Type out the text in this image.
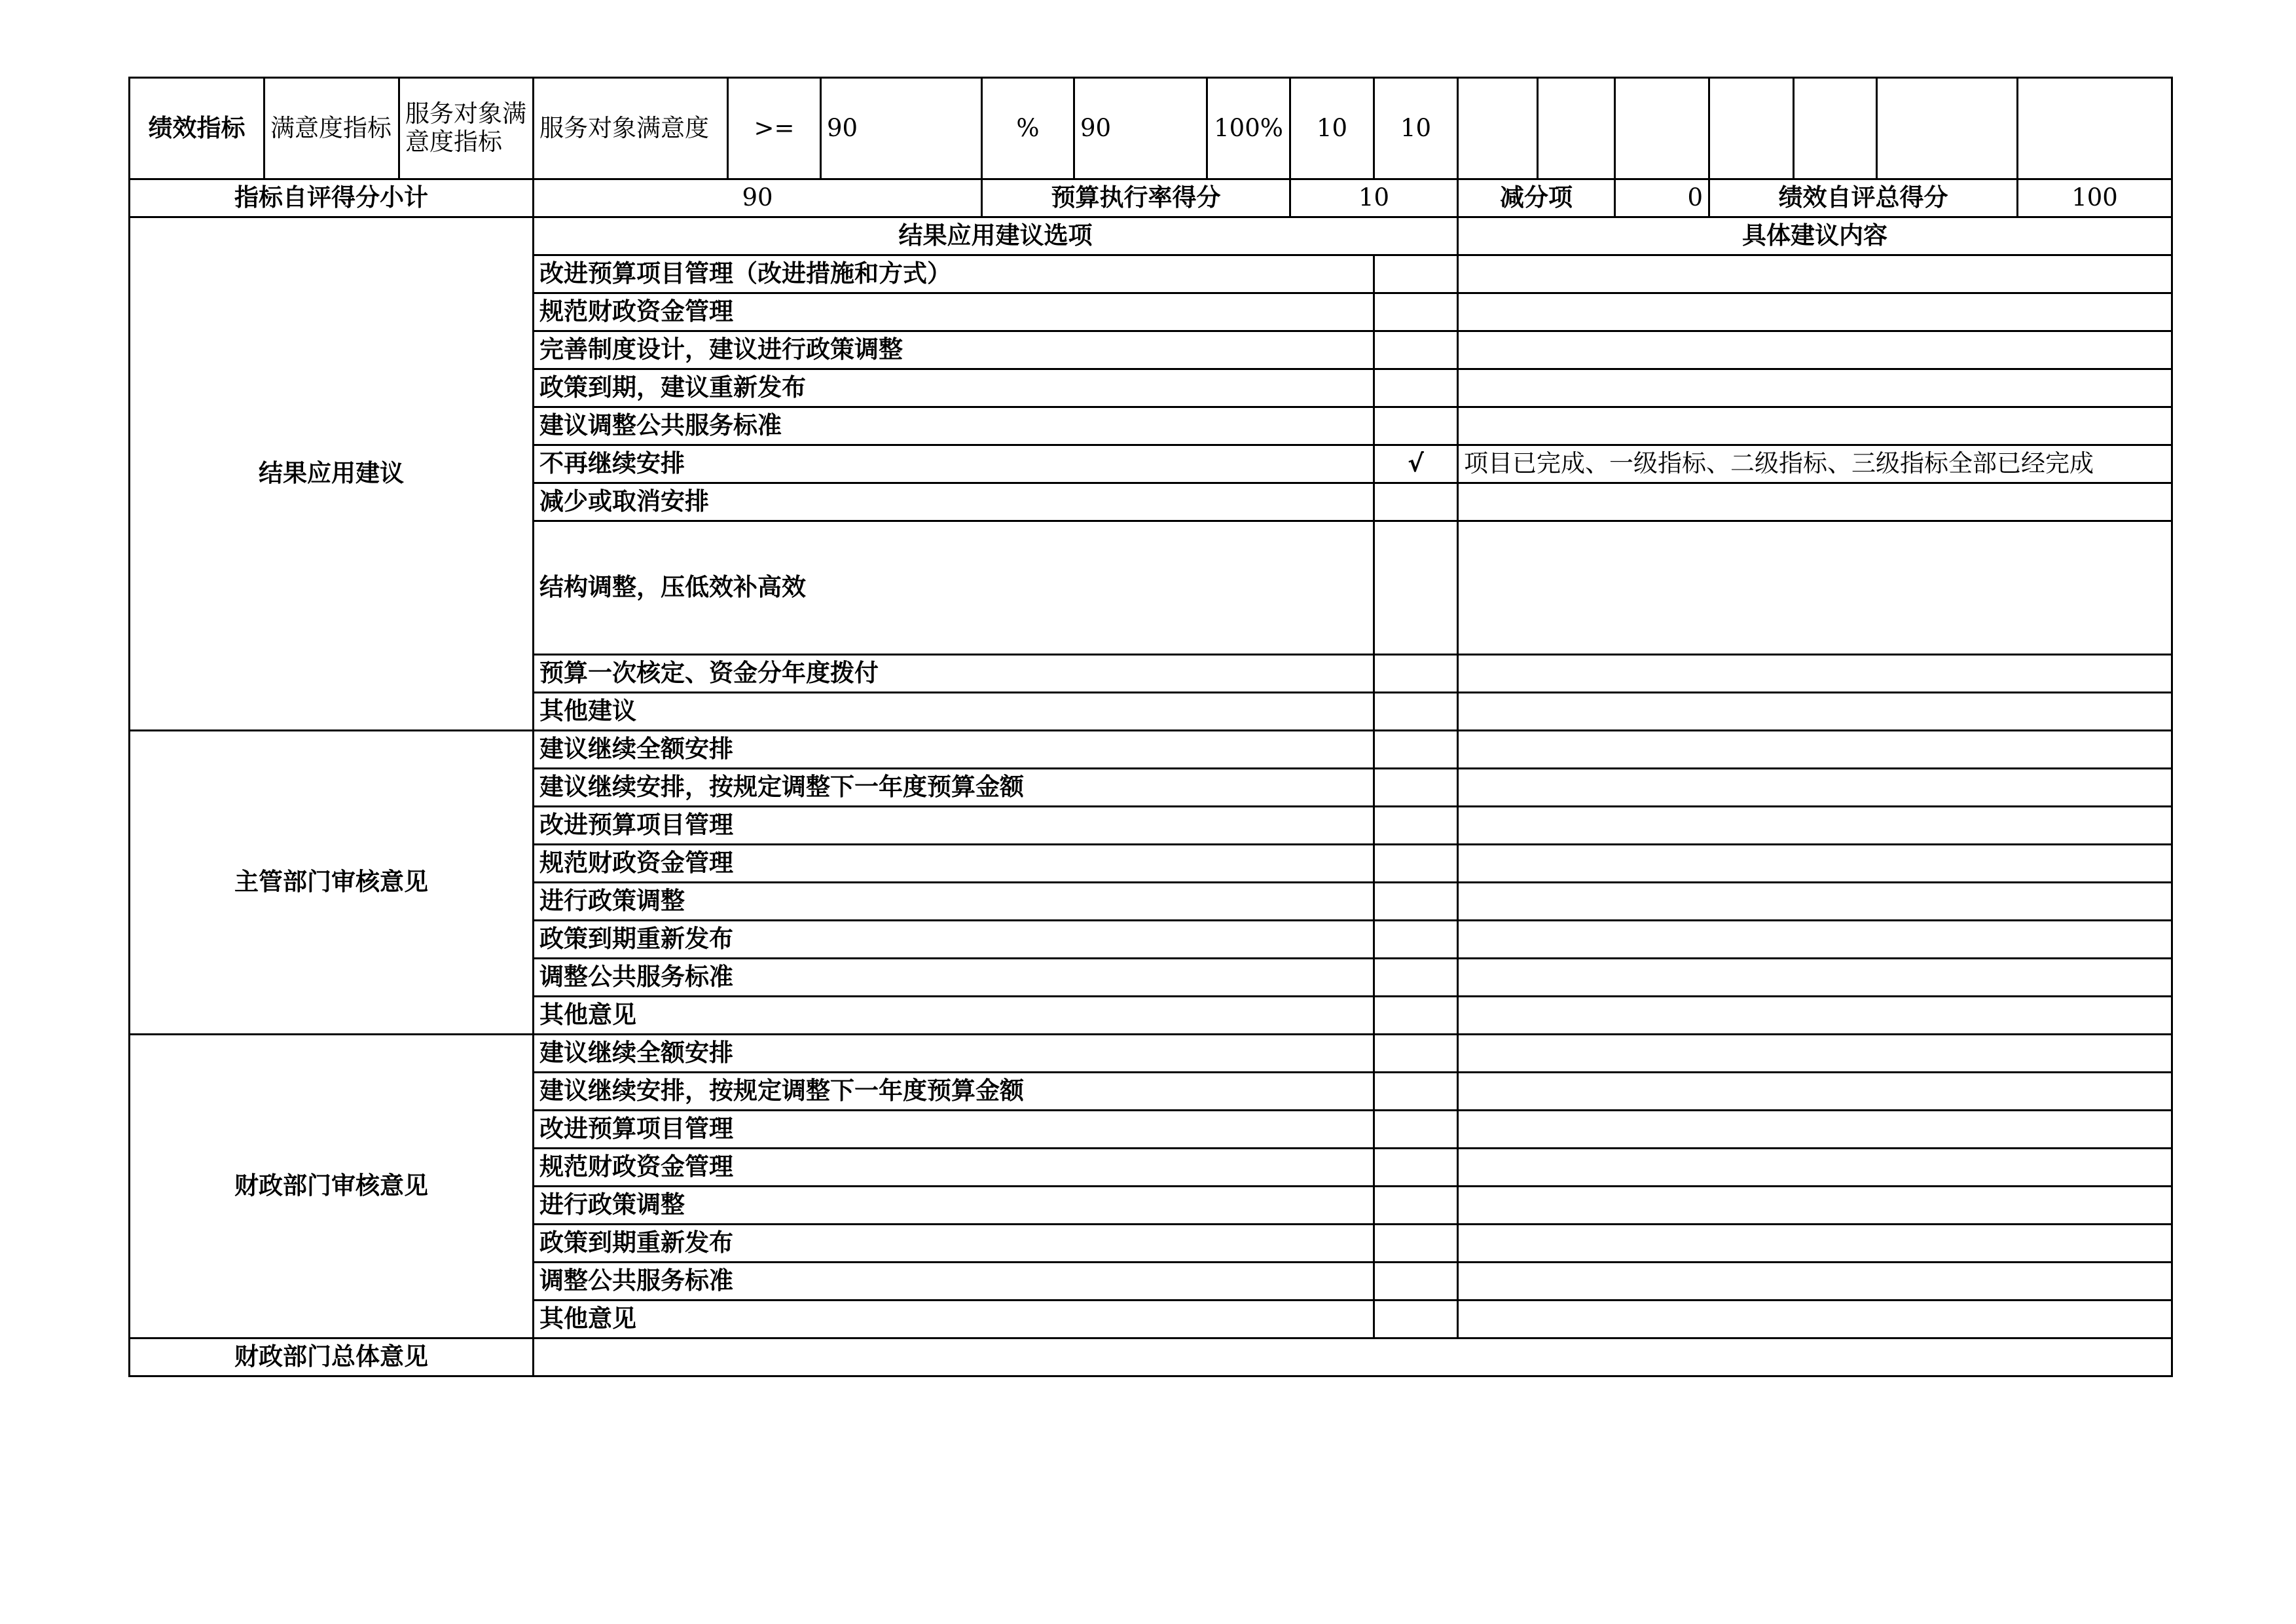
绩效指标	满意度指标	服务对象满意度指标	服务对象满意度	>=	90	%	90	100%	10	10							
指标自评得分小计			90			预算执行率得分			10		减分项		0	绩效自评总得分			100
结果应用建议			结果应用建议选项								具体建议内容						
			改进预算项目管理（改进措施和方式）														
			规范财政资金管理														
			完善制度设计，建议进行政策调整														
			政策到期，建议重新发布														
			建议调整公共服务标准														
			不再继续安排							√	项目已完成、一级指标、二级指标、三级指标全部已经完成						
			减少或取消安排														
			结构调整，压低效补高效														
			预算一次核定、资金分年度拨付														
			其他建议														
主管部门审核意见			建议继续全额安排														
			建议继续安排，按规定调整下一年度预算金额														
			改进预算项目管理														
			规范财政资金管理														
			进行政策调整														
			政策到期重新发布														
			调整公共服务标准														
			其他意见														
财政部门审核意见			建议继续全额安排														
			建议继续安排，按规定调整下一年度预算金额														
			改进预算项目管理														
			规范财政资金管理														
			进行政策调整														
			政策到期重新发布														
			调整公共服务标准														
			其他意见														
财政部门总体意见																	
